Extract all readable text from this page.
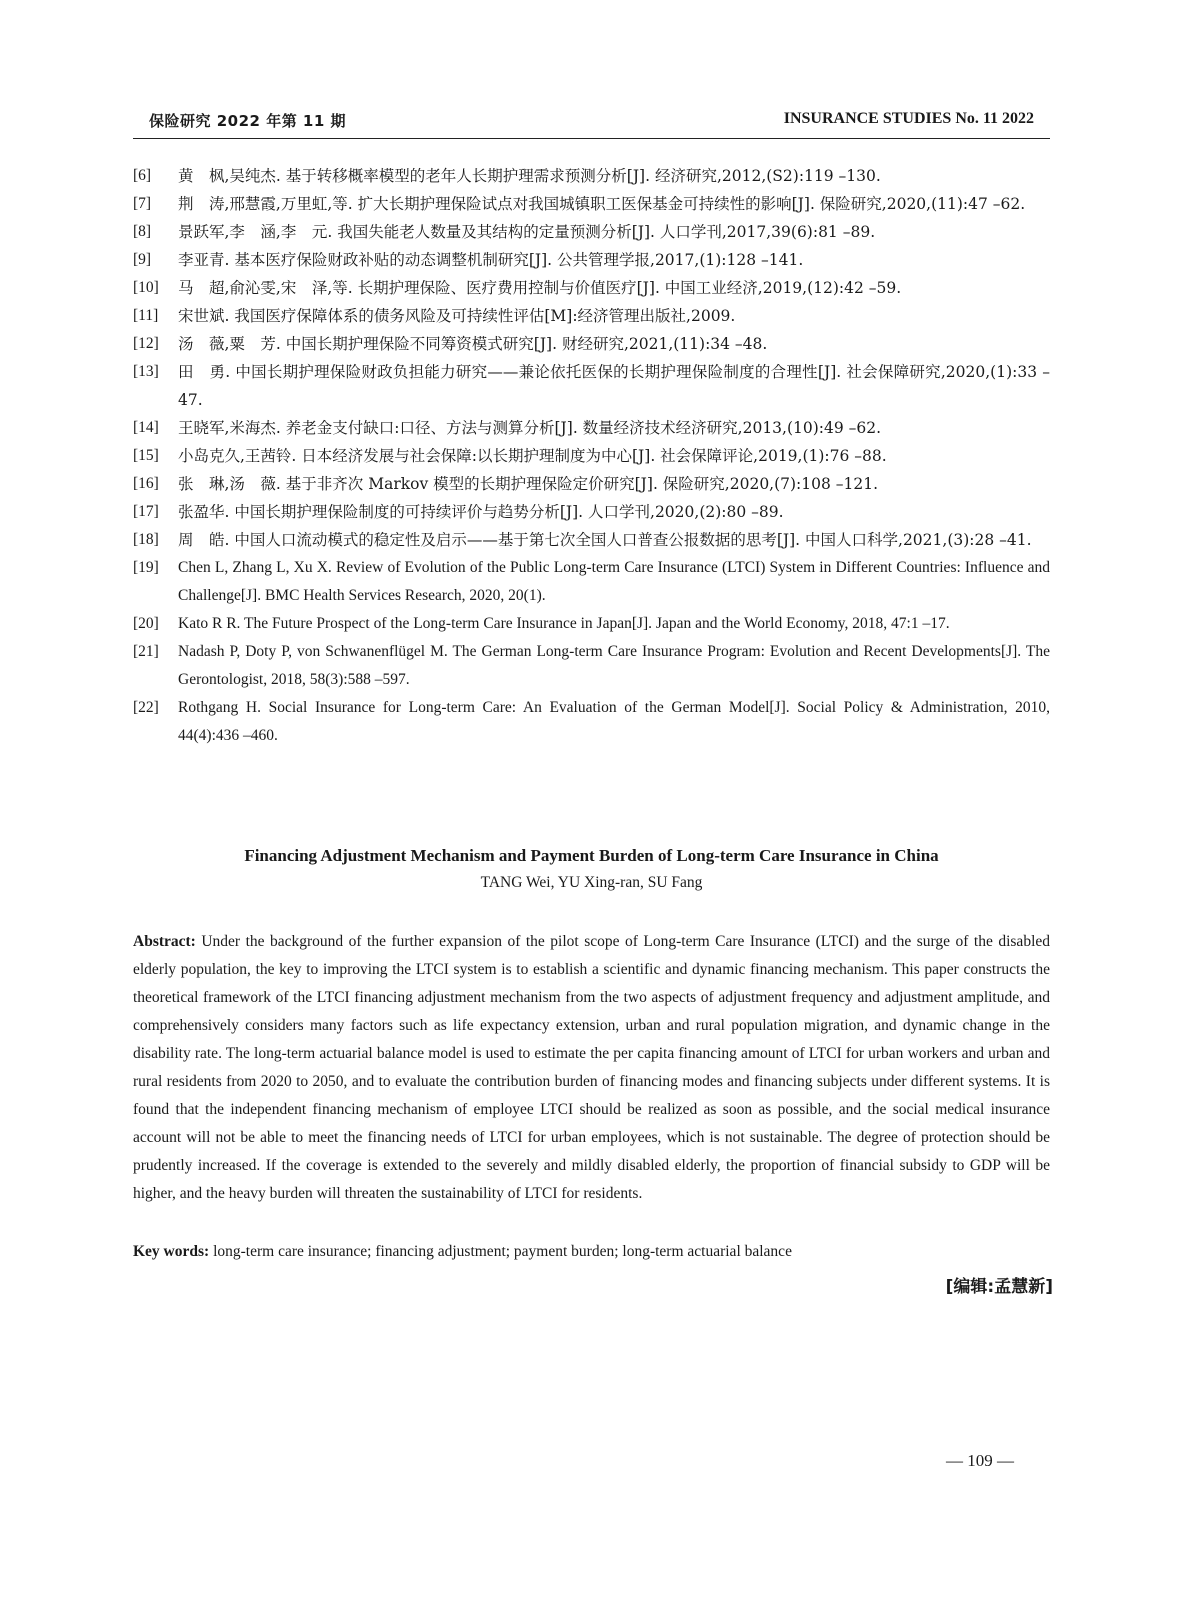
保险研究 2022 年第 11 期	INSURANCE STUDIES No. 11 2022
[6]	黄　枫,吴纯杰. 基于转移概率模型的老年人长期护理需求预测分析[J]. 经济研究,2012,(S2):119 –130.
[7]	荆　涛,邢慧霞,万里虹,等. 扩大长期护理保险试点对我国城镇职工医保基金可持续性的影响[J]. 保险研究,2020,(11):47 –62.
[8]	景跃军,李　涵,李　元. 我国失能老人数量及其结构的定量预测分析[J]. 人口学刊,2017,39(6):81 –89.
[9]	李亚青. 基本医疗保险财政补贴的动态调整机制研究[J]. 公共管理学报,2017,(1):128 –141.
[10]	马　超,俞沁雯,宋　泽,等. 长期护理保险、医疗费用控制与价值医疗[J]. 中国工业经济,2019,(12):42 –59.
[11]	宋世斌. 我国医疗保障体系的债务风险及可持续性评估[M]:经济管理出版社,2009.
[12]	汤　薇,粟　芳. 中国长期护理保险不同筹资模式研究[J]. 财经研究,2021,(11):34 –48.
[13]	田　勇. 中国长期护理保险财政负担能力研究——兼论依托医保的长期护理保险制度的合理性[J]. 社会保障研究,2020,(1):33 –47.
[14]	王晓军,米海杰. 养老金支付缺口:口径、方法与测算分析[J]. 数量经济技术经济研究,2013,(10):49 –62.
[15]	小岛克久,王茜铃. 日本经济发展与社会保障:以长期护理制度为中心[J]. 社会保障评论,2019,(1):76 –88.
[16]	张　琳,汤　薇. 基于非齐次 Markov 模型的长期护理保险定价研究[J]. 保险研究,2020,(7):108 –121.
[17]	张盈华. 中国长期护理保险制度的可持续评价与趋势分析[J]. 人口学刊,2020,(2):80 –89.
[18]	周　皓. 中国人口流动模式的稳定性及启示——基于第七次全国人口普查公报数据的思考[J]. 中国人口科学,2021,(3):28 –41.
[19]	Chen L, Zhang L, Xu X. Review of Evolution of the Public Long-term Care Insurance (LTCI) System in Different Countries: Influence and Challenge[J]. BMC Health Services Research, 2020, 20(1).
[20]	Kato R R. The Future Prospect of the Long-term Care Insurance in Japan[J]. Japan and the World Economy, 2018, 47:1 –17.
[21]	Nadash P, Doty P, von Schwanenflügel M. The German Long-term Care Insurance Program: Evolution and Recent Developments[J]. The Gerontologist, 2018, 58(3):588 –597.
[22]	Rothgang H. Social Insurance for Long-term Care: An Evaluation of the German Model[J]. Social Policy & Administration, 2010, 44(4):436 –460.
Financing Adjustment Mechanism and Payment Burden of Long-term Care Insurance in China
TANG Wei, YU Xing-ran, SU Fang
Abstract: Under the background of the further expansion of the pilot scope of Long-term Care Insurance (LTCI) and the surge of the disabled elderly population, the key to improving the LTCI system is to establish a scientific and dynamic financing mechanism. This paper constructs the theoretical framework of the LTCI financing adjustment mechanism from the two aspects of adjustment frequency and adjustment amplitude, and comprehensively considers many factors such as life expectancy extension, urban and rural population migration, and dynamic change in the disability rate. The long-term actuarial balance model is used to estimate the per capita financing amount of LTCI for urban workers and urban and rural residents from 2020 to 2050, and to evaluate the contribution burden of financing modes and financing subjects under different systems. It is found that the independent financing mechanism of employee LTCI should be realized as soon as possible, and the social medical insurance account will not be able to meet the financing needs of LTCI for urban employees, which is not sustainable. The degree of protection should be prudently increased. If the coverage is extended to the severely and mildly disabled elderly, the proportion of financial subsidy to GDP will be higher, and the heavy burden will threaten the sustainability of LTCI for residents.
Key words: long-term care insurance; financing adjustment; payment burden; long-term actuarial balance
[编辑:孟慧新]
— 109 —
